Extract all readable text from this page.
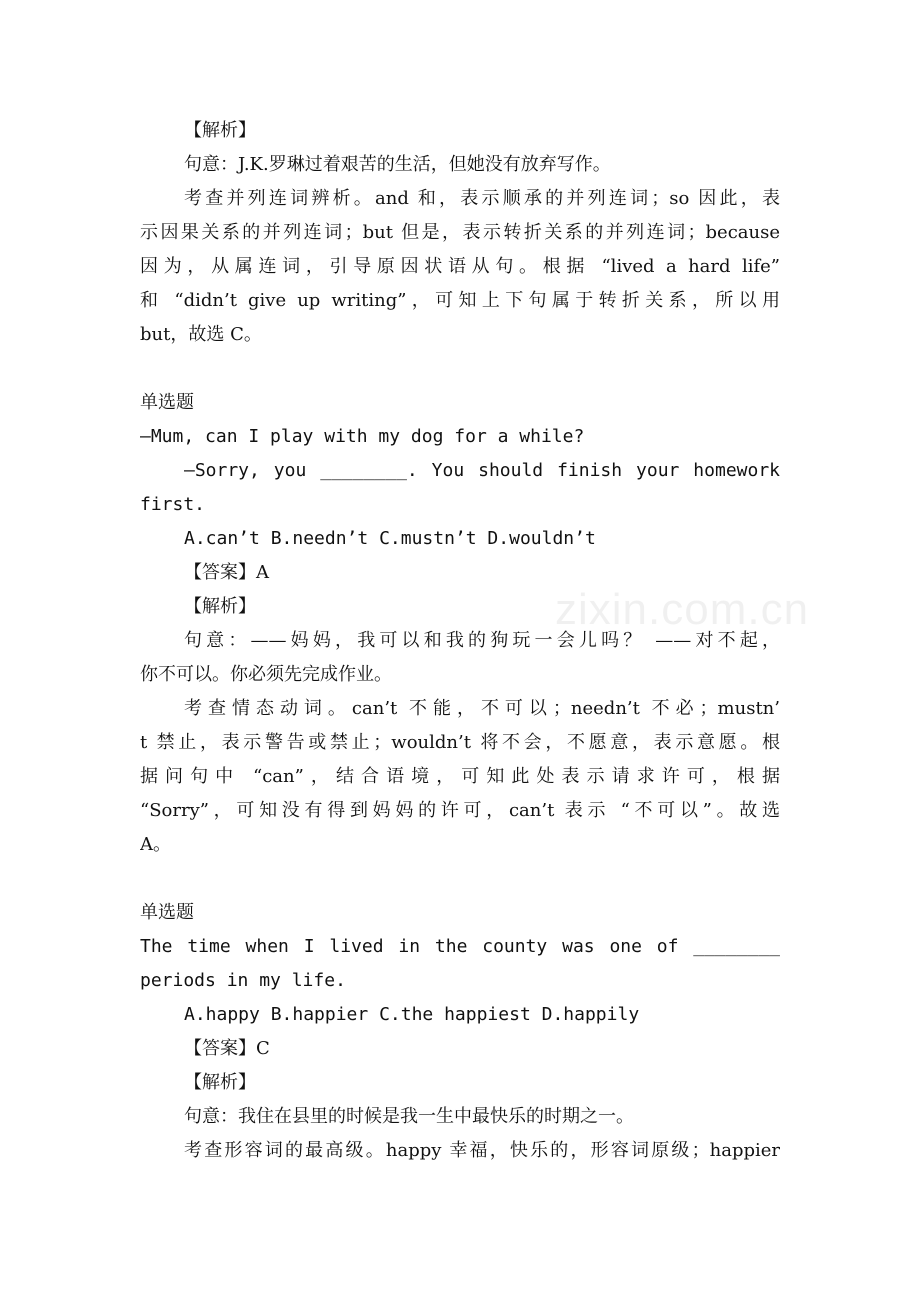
zixin.com.cn
【解析】
句意：J.K.罗琳过着艰苦的生活，但她没有放弃写作。
考查并列连词辨析。and 和，表示顺承的并列连词；so 因此，表
示因果关系的并列连词；but 但是，表示转折关系的并列连词；because
因为，从属连词，引导原因状语从句。根据 “lived a hard life”
和 “didn’t give up writing”，可知上下句属于转折关系，所以用
but，故选 C。
单选题
—Mum, can I play with my dog for a while?
—Sorry, you ________. You should finish your homework
first.
A.can’t B.needn’t C.mustn’t D.wouldn’t
【答案】A
【解析】
句意：——妈妈，我可以和我的狗玩一会儿吗？ ——对不起，
你不可以。你必须先完成作业。
考查情态动词。can’t 不能，不可以；needn’t 不必；mustn’
t 禁止，表示警告或禁止；wouldn’t 将不会，不愿意，表示意愿。根
据问句中 “can”，结合语境，可知此处表示请求许可，根据
“Sorry”，可知没有得到妈妈的许可，can’t 表示 “不可以”。故选
A。
单选题
The time when I lived in the county was one of ________
periods in my life.
A.happy B.happier C.the happiest D.happily
【答案】C
【解析】
句意：我住在县里的时候是我一生中最快乐的时期之一。
考查形容词的最高级。happy 幸福，快乐的，形容词原级；happier
